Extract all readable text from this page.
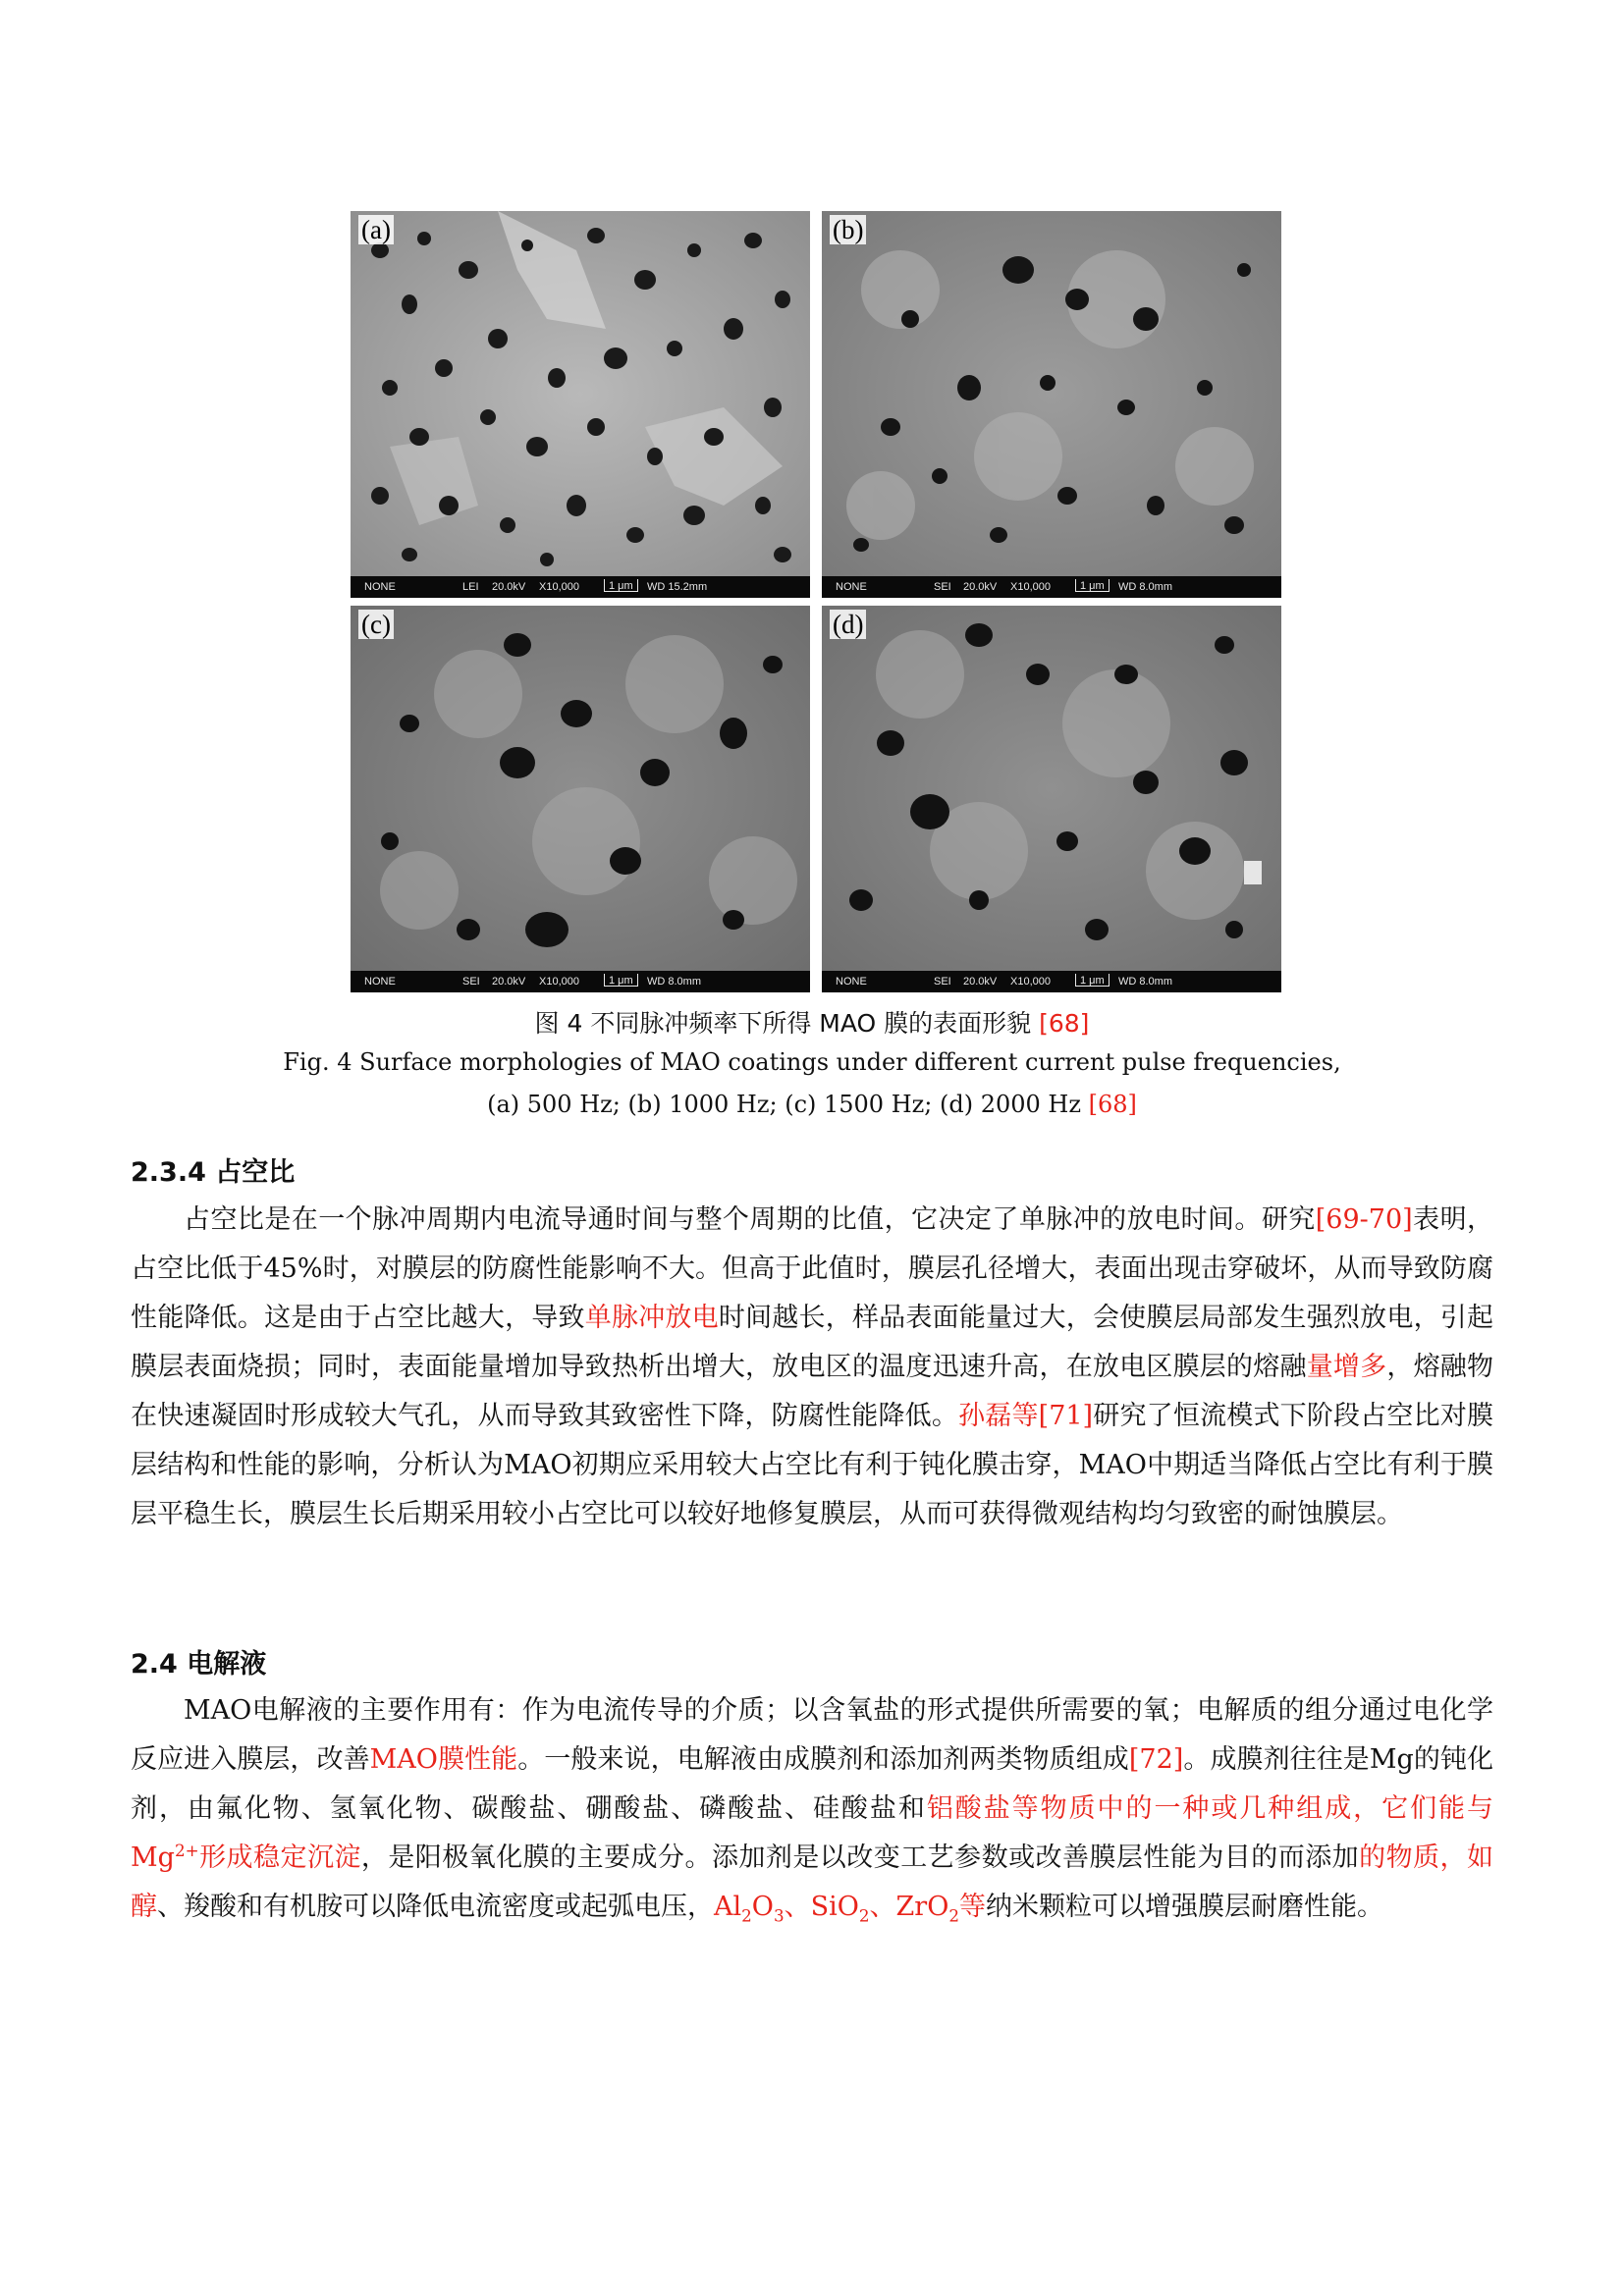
(a)
NONE	LEI 20.0kV X10,000	1 μm	WD 15.2mm
(b)
NONE	SEI 20.0kV X10,000	1 μm	WD 8.0mm
(c)
NONE	SEI 20.0kV X10,000	1 μm	WD 8.0mm
(d)
NONE	SEI 20.0kV X10,000	1 μm	WD 8.0mm
图 4 不同脉冲频率下所得 MAO 膜的表面形貌 [68]
Fig. 4 Surface morphologies of MAO coatings under different current pulse frequencies,
(a) 500 Hz; (b) 1000 Hz; (c) 1500 Hz; (d) 2000 Hz [68]
2.3.4 占空比
占空比是在一个脉冲周期内电流导通时间与整个周期的比值，它决定了单脉冲的放电时间。研究[69-70]表明，占空比低于45%时，对膜层的防腐性能影响不大。但高于此值时，膜层孔径增大，表面出现击穿破坏，从而导致防腐性能降低。这是由于占空比越大，导致单脉冲放电时间越长，样品表面能量过大，会使膜层局部发生强烈放电，引起膜层表面烧损；同时，表面能量增加导致热析出增大，放电区的温度迅速升高，在放电区膜层的熔融量增多，熔融物在快速凝固时形成较大气孔，从而导致其致密性下降，防腐性能降低。孙磊等[71]研究了恒流模式下阶段占空比对膜层结构和性能的影响，分析认为MAO初期应采用较大占空比有利于钝化膜击穿，MAO中期适当降低占空比有利于膜层平稳生长，膜层生长后期采用较小占空比可以较好地修复膜层，从而可获得微观结构均匀致密的耐蚀膜层。
2.4 电解液
MAO电解液的主要作用有：作为电流传导的介质；以含氧盐的形式提供所需要的氧；电解质的组分通过电化学反应进入膜层，改善MAO膜性能。一般来说，电解液由成膜剂和添加剂两类物质组成[72]。成膜剂往往是Mg的钝化剂，由氟化物、氢氧化物、碳酸盐、硼酸盐、磷酸盐、硅酸盐和铝酸盐等物质中的一种或几种组成，它们能与$Mg^{2+}$形成稳定沉淀，是阳极氧化膜的主要成分。添加剂是以改变工艺参数或改善膜层性能为目的而添加的物质，如醇、羧酸和有机胺可以降低电流密度或起弧电压，$Al_2O_3$、SiO$_2$、ZrO$_2$等纳米颗粒可以增强膜层耐磨性能。
